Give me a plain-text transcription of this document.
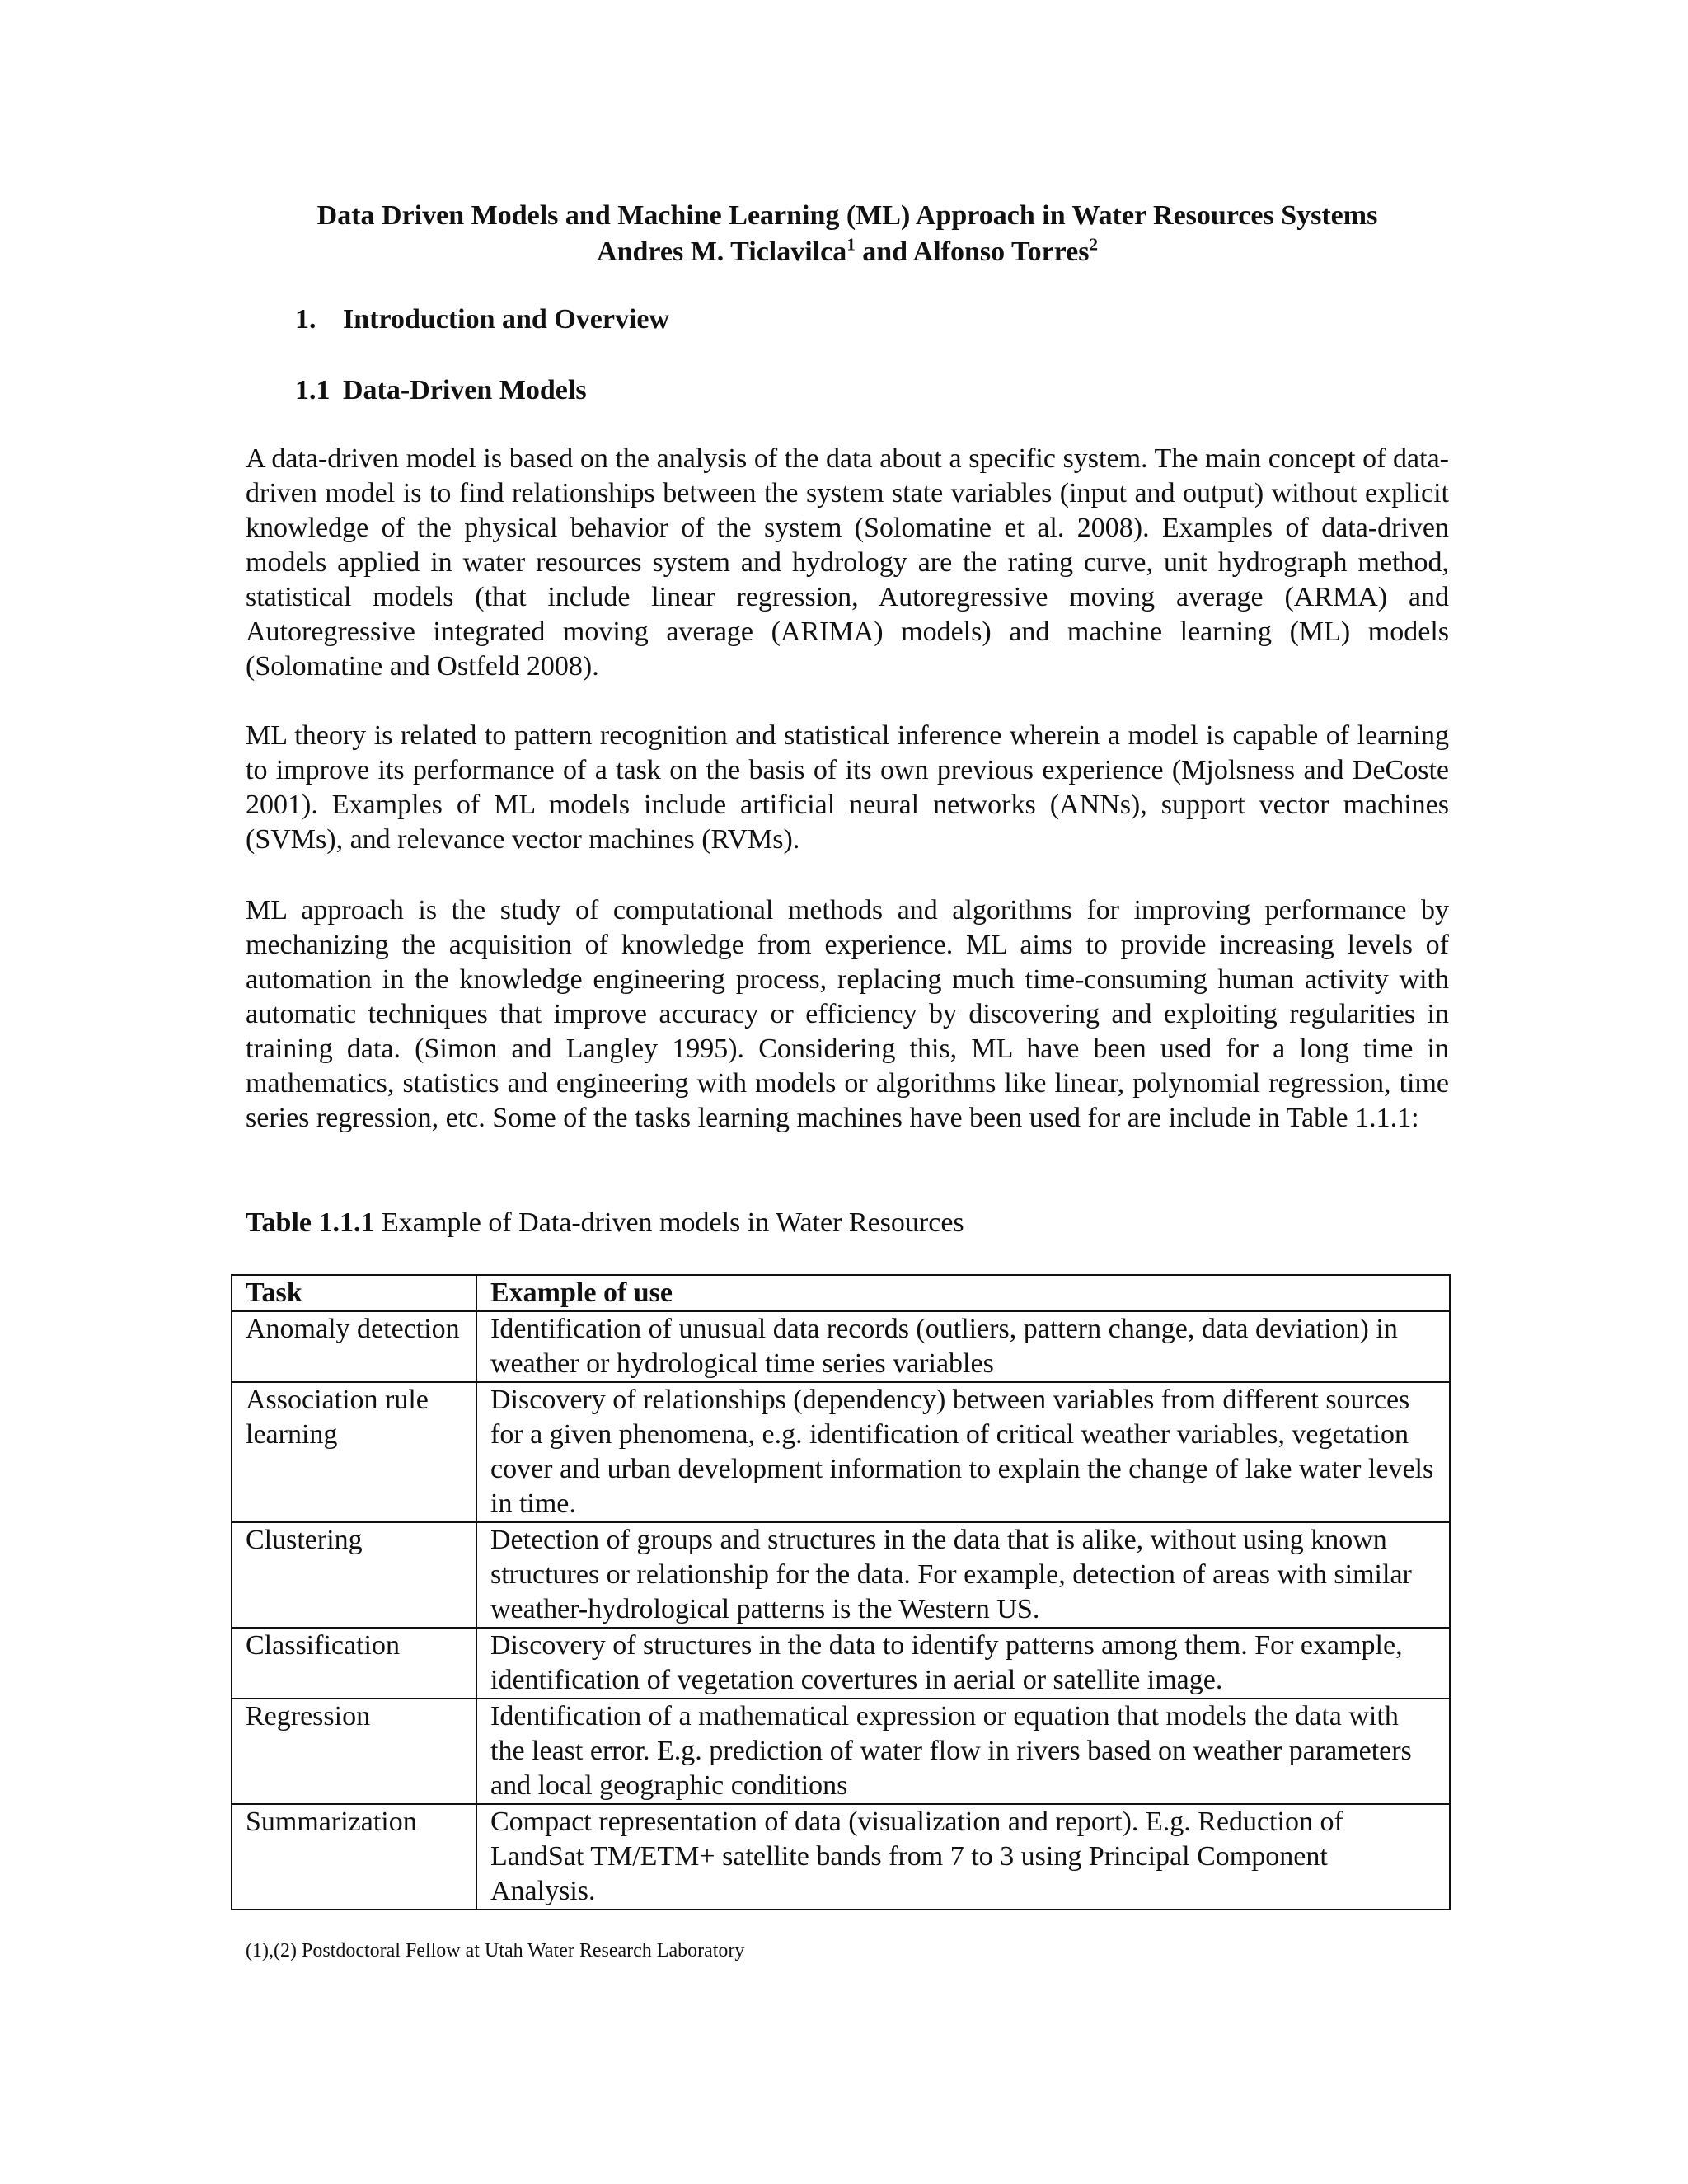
Data Driven Models and Machine Learning (ML) Approach in Water Resources Systems
Andres M. Ticlavilca$^1$ and Alfonso Torres$^2$
1. Introduction and Overview
1.1 Data-Driven Models

A data-driven model is based on the analysis of the data about a specific system. The main concept of data-driven model is to find relationships between the system state variables (input and output) without explicit knowledge of the physical behavior of the system (Solomatine et al. 2008). Examples of data-driven models applied in water resources system and hydrology are the rating curve, unit hydrograph method, statistical models (that include linear regression, Autoregressive moving average (ARMA) and Autoregressive integrated moving average (ARIMA) models) and machine learning (ML) models (Solomatine and Ostfeld 2008).

ML theory is related to pattern recognition and statistical inference wherein a model is capable of learning to improve its performance of a task on the basis of its own previous experience (Mjolsness and DeCoste 2001). Examples of ML models include artificial neural networks (ANNs), support vector machines (SVMs), and relevance vector machines (RVMs).

ML approach is the study of computational methods and algorithms for improving performance by mechanizing the acquisition of knowledge from experience. ML aims to provide increasing levels of automation in the knowledge engineering process, replacing much time-consuming human activity with automatic techniques that improve accuracy or efficiency by discovering and exploiting regularities in training data. (Simon and Langley 1995). Considering this, ML have been used for a long time in mathematics, statistics and engineering with models or algorithms like linear, polynomial regression, time series regression, etc. Some of the tasks learning machines have been used for are include in Table 1.1.1:

Table 1.1.1 Example of Data-driven models in Water Resources
Task	Example of use
Anomaly detection	Identification of unusual data records (outliers, pattern change, data deviation) in weather or hydrological time series variables
Association rule learning	Discovery of relationships (dependency) between variables from different sources for a given phenomena, e.g. identification of critical weather variables, vegetation cover and urban development information to explain the change of lake water levels in time.
Clustering	Detection of groups and structures in the data that is alike, without using known structures or relationship for the data. For example, detection of areas with similar weather-hydrological patterns is the Western US.
Classification	Discovery of structures in the data to identify patterns among them. For example, identification of vegetation covertures in aerial or satellite image.
Regression	Identification of a mathematical expression or equation that models the data with the least error. E.g. prediction of water flow in rivers based on weather parameters and local geographic conditions
Summarization	Compact representation of data (visualization and report). E.g. Reduction of LandSat TM/ETM+ satellite bands from 7 to 3 using Principal Component Analysis.
(1),(2) Postdoctoral Fellow at Utah Water Research Laboratory
